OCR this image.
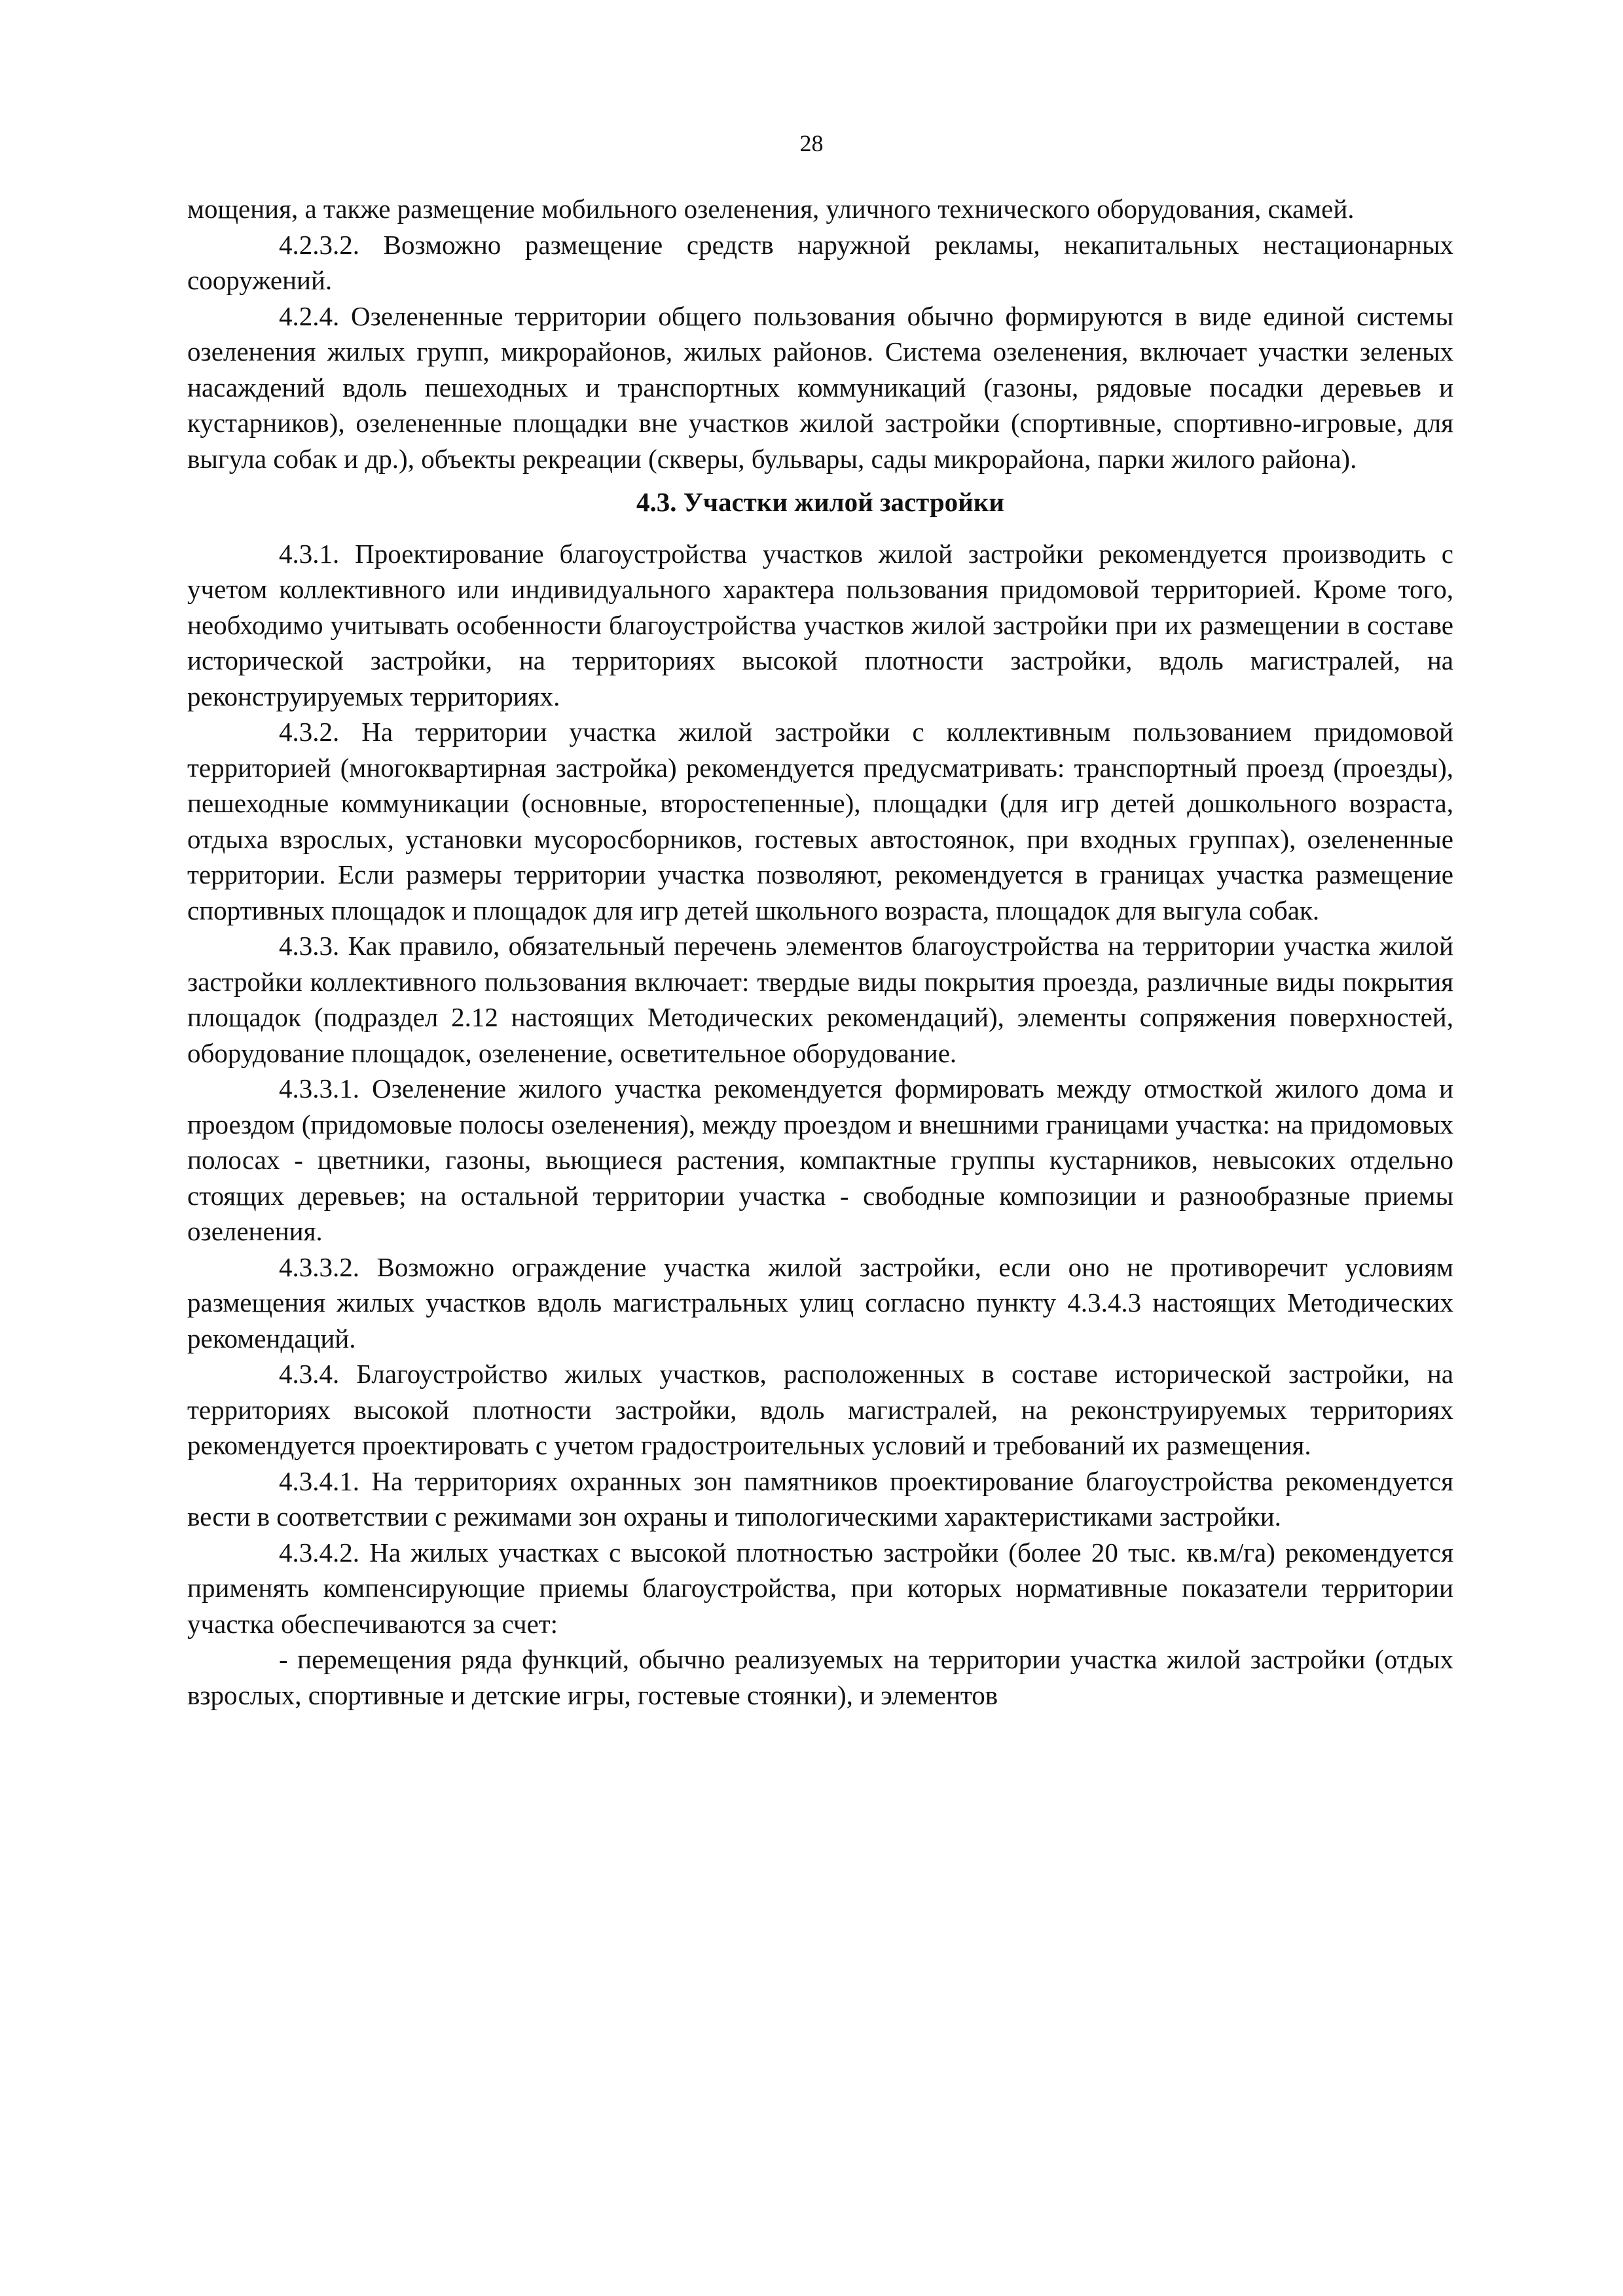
28

мощения, а также размещение мобильного озеленения, уличного технического оборудования, скамей.

4.2.3.2. Возможно размещение средств наружной рекламы, некапитальных нестационарных сооружений.

4.2.4. Озелененные территории общего пользования обычно формируются в виде единой системы озеленения жилых групп, микрорайонов, жилых районов. Система озеленения, включает участки зеленых насаждений вдоль пешеходных и транспортных коммуникаций (газоны, рядовые посадки деревьев и кустарников), озелененные площадки вне участков жилой застройки (спортивные, спортивно-игровые, для выгула собак и др.), объекты рекреации (скверы, бульвары, сады микрорайона, парки жилого района).

4.3. Участки жилой застройки

4.3.1. Проектирование благоустройства участков жилой застройки рекомендуется производить с учетом коллективного или индивидуального характера пользования придомовой территорией. Кроме того, необходимо учитывать особенности благоустройства участков жилой застройки при их размещении в составе исторической застройки, на территориях высокой плотности застройки, вдоль магистралей, на реконструируемых территориях.

4.3.2. На территории участка жилой застройки с коллективным пользованием придомовой территорией (многоквартирная застройка) рекомендуется предусматривать: транспортный проезд (проезды), пешеходные коммуникации (основные, второстепенные), площадки (для игр детей дошкольного возраста, отдыха взрослых, установки мусоросборников, гостевых автостоянок, при входных группах), озелененные территории. Если размеры территории участка позволяют, рекомендуется в границах участка размещение спортивных площадок и площадок для игр детей школьного возраста, площадок для выгула собак.

4.3.3. Как правило, обязательный перечень элементов благоустройства на территории участка жилой застройки коллективного пользования включает: твердые виды покрытия проезда, различные виды покрытия площадок (подраздел 2.12 настоящих Методических рекомендаций), элементы сопряжения поверхностей, оборудование площадок, озеленение, осветительное оборудование.

4.3.3.1. Озеленение жилого участка рекомендуется формировать между отмосткой жилого дома и проездом (придомовые полосы озеленения), между проездом и внешними границами участка: на придомовых полосах - цветники, газоны, вьющиеся растения, компактные группы кустарников, невысоких отдельно стоящих деревьев; на остальной территории участка - свободные композиции и разнообразные приемы озеленения.

4.3.3.2. Возможно ограждение участка жилой застройки, если оно не противоречит условиям размещения жилых участков вдоль магистральных улиц согласно пункту 4.3.4.3 настоящих Методических рекомендаций.

4.3.4. Благоустройство жилых участков, расположенных в составе исторической застройки, на территориях высокой плотности застройки, вдоль магистралей, на реконструируемых территориях рекомендуется проектировать с учетом градостроительных условий и требований их размещения.

4.3.4.1. На территориях охранных зон памятников проектирование благоустройства рекомендуется вести в соответствии с режимами зон охраны и типологическими характеристиками застройки.

4.3.4.2. На жилых участках с высокой плотностью застройки (более 20 тыс. кв.м/га) рекомендуется применять компенсирующие приемы благоустройства, при которых нормативные показатели территории участка обеспечиваются за счет:

- перемещения ряда функций, обычно реализуемых на территории участка жилой застройки (отдых взрослых, спортивные и детские игры, гостевые стоянки), и элементов
